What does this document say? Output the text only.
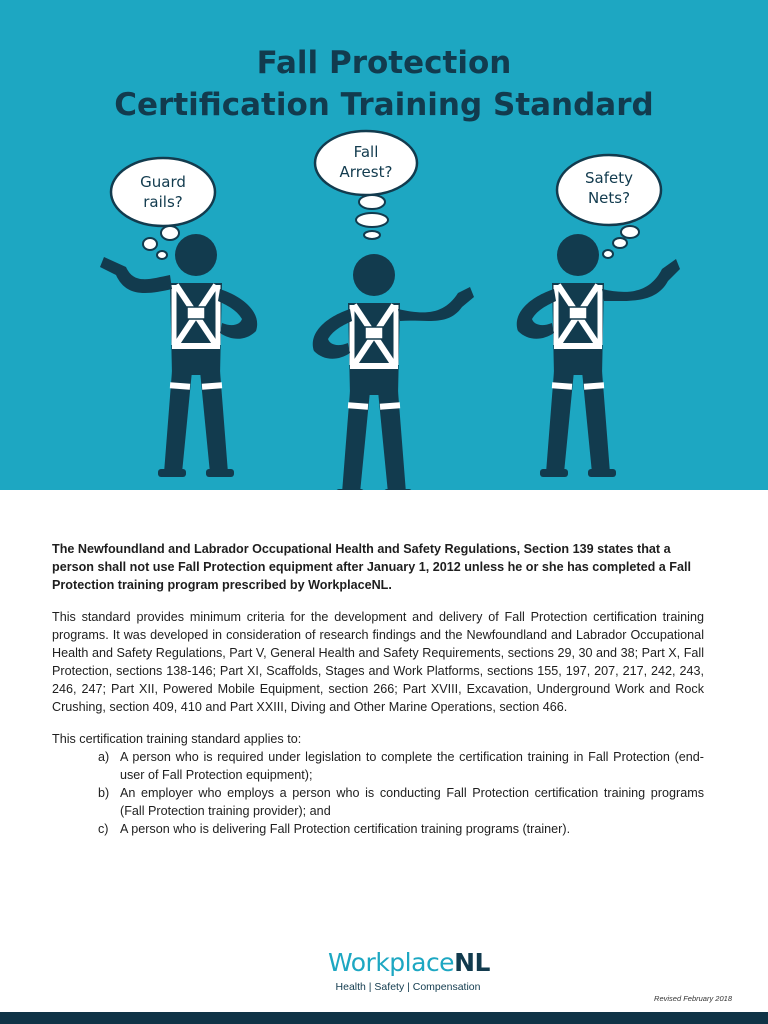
Fall Protection
Certification Training Standard
Guard
rails?
Fall
Arrest?	Safety
Nets?

The Newfoundland and Labrador Occupational Health and Safety Regulations, Section 139 states that a person shall not use Fall Protection equipment after January 1, 2012 unless he or she has completed a Fall Protection training program prescribed by WorkplaceNL.

This standard provides minimum criteria for the development and delivery of Fall Protection certification training programs. It was developed in consideration of research findings and the Newfoundland and Labrador Occupational Health and Safety Regulations, Part V, General Health and Safety Requirements, sections 29, 30 and 38; Part X, Fall Protection, sections 138-146; Part XI, Scaffolds, Stages and Work Platforms, sections 155, 197, 207, 217, 242, 243, 246, 247; Part XII, Powered Mobile Equipment, section 266; Part XVIII, Excavation, Underground Work and Rock Crushing, section 409, 410 and Part XXIII, Diving and Other Marine Operations, section 466.

This certification training standard applies to:

a) A person who is required under legislation to complete the certification training in Fall Protection (end-user of Fall Protection equipment);
b) An employer who employs a person who is conducting Fall Protection certification training programs (Fall Protection training provider); and
c) A person who is delivering Fall Protection certification training programs (trainer).
WorkplaceNL
Health | Safety | Compensation
Revised February 2018
